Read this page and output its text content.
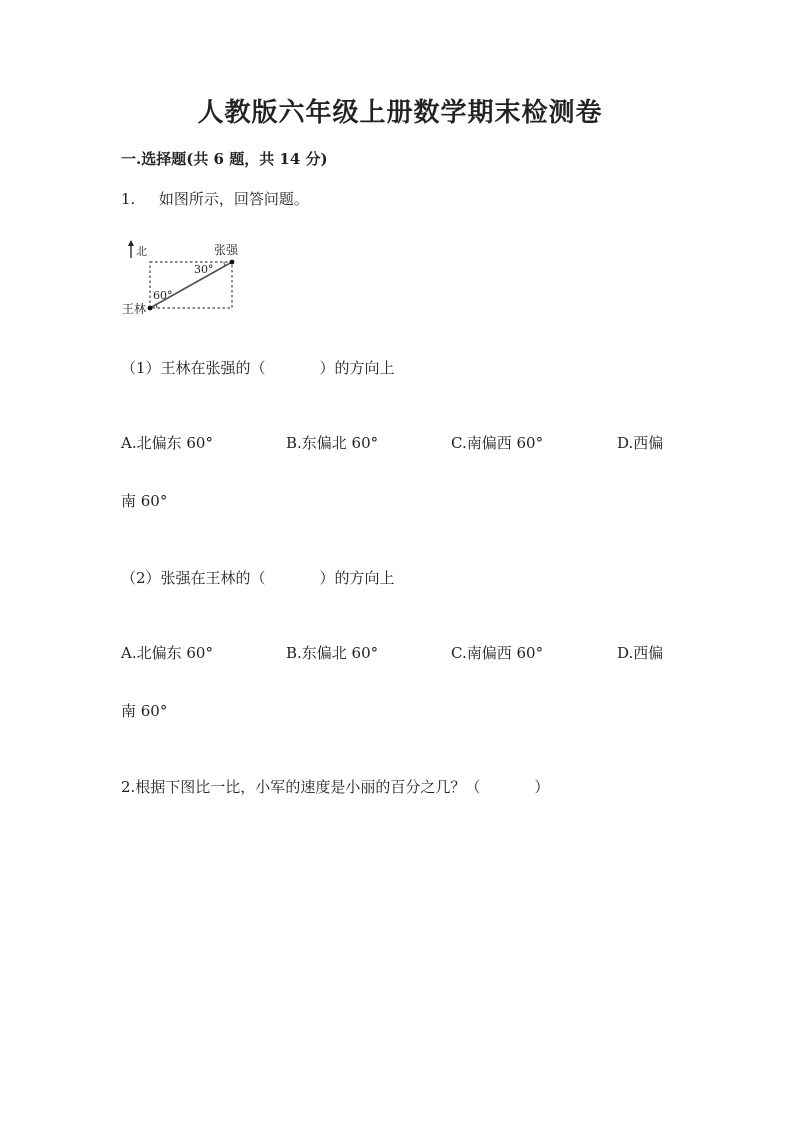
人教版六年级上册数学期末检测卷
一.选择题(共 6 题，共 14 分)
1. 如图所示，回答问题。
北	张强
王林
30°
60°
（1）王林在张强的（	）的方向上
A.北偏东 60°	B.东偏北 60°	C.南偏西 60°	D.西偏
南 60°
（2）张强在王林的（	）的方向上
A.北偏东 60°	B.东偏北 60°	C.南偏西 60°	D.西偏
南 60°
2.根据下图比一比，小军的速度是小丽的百分之几？（	）
